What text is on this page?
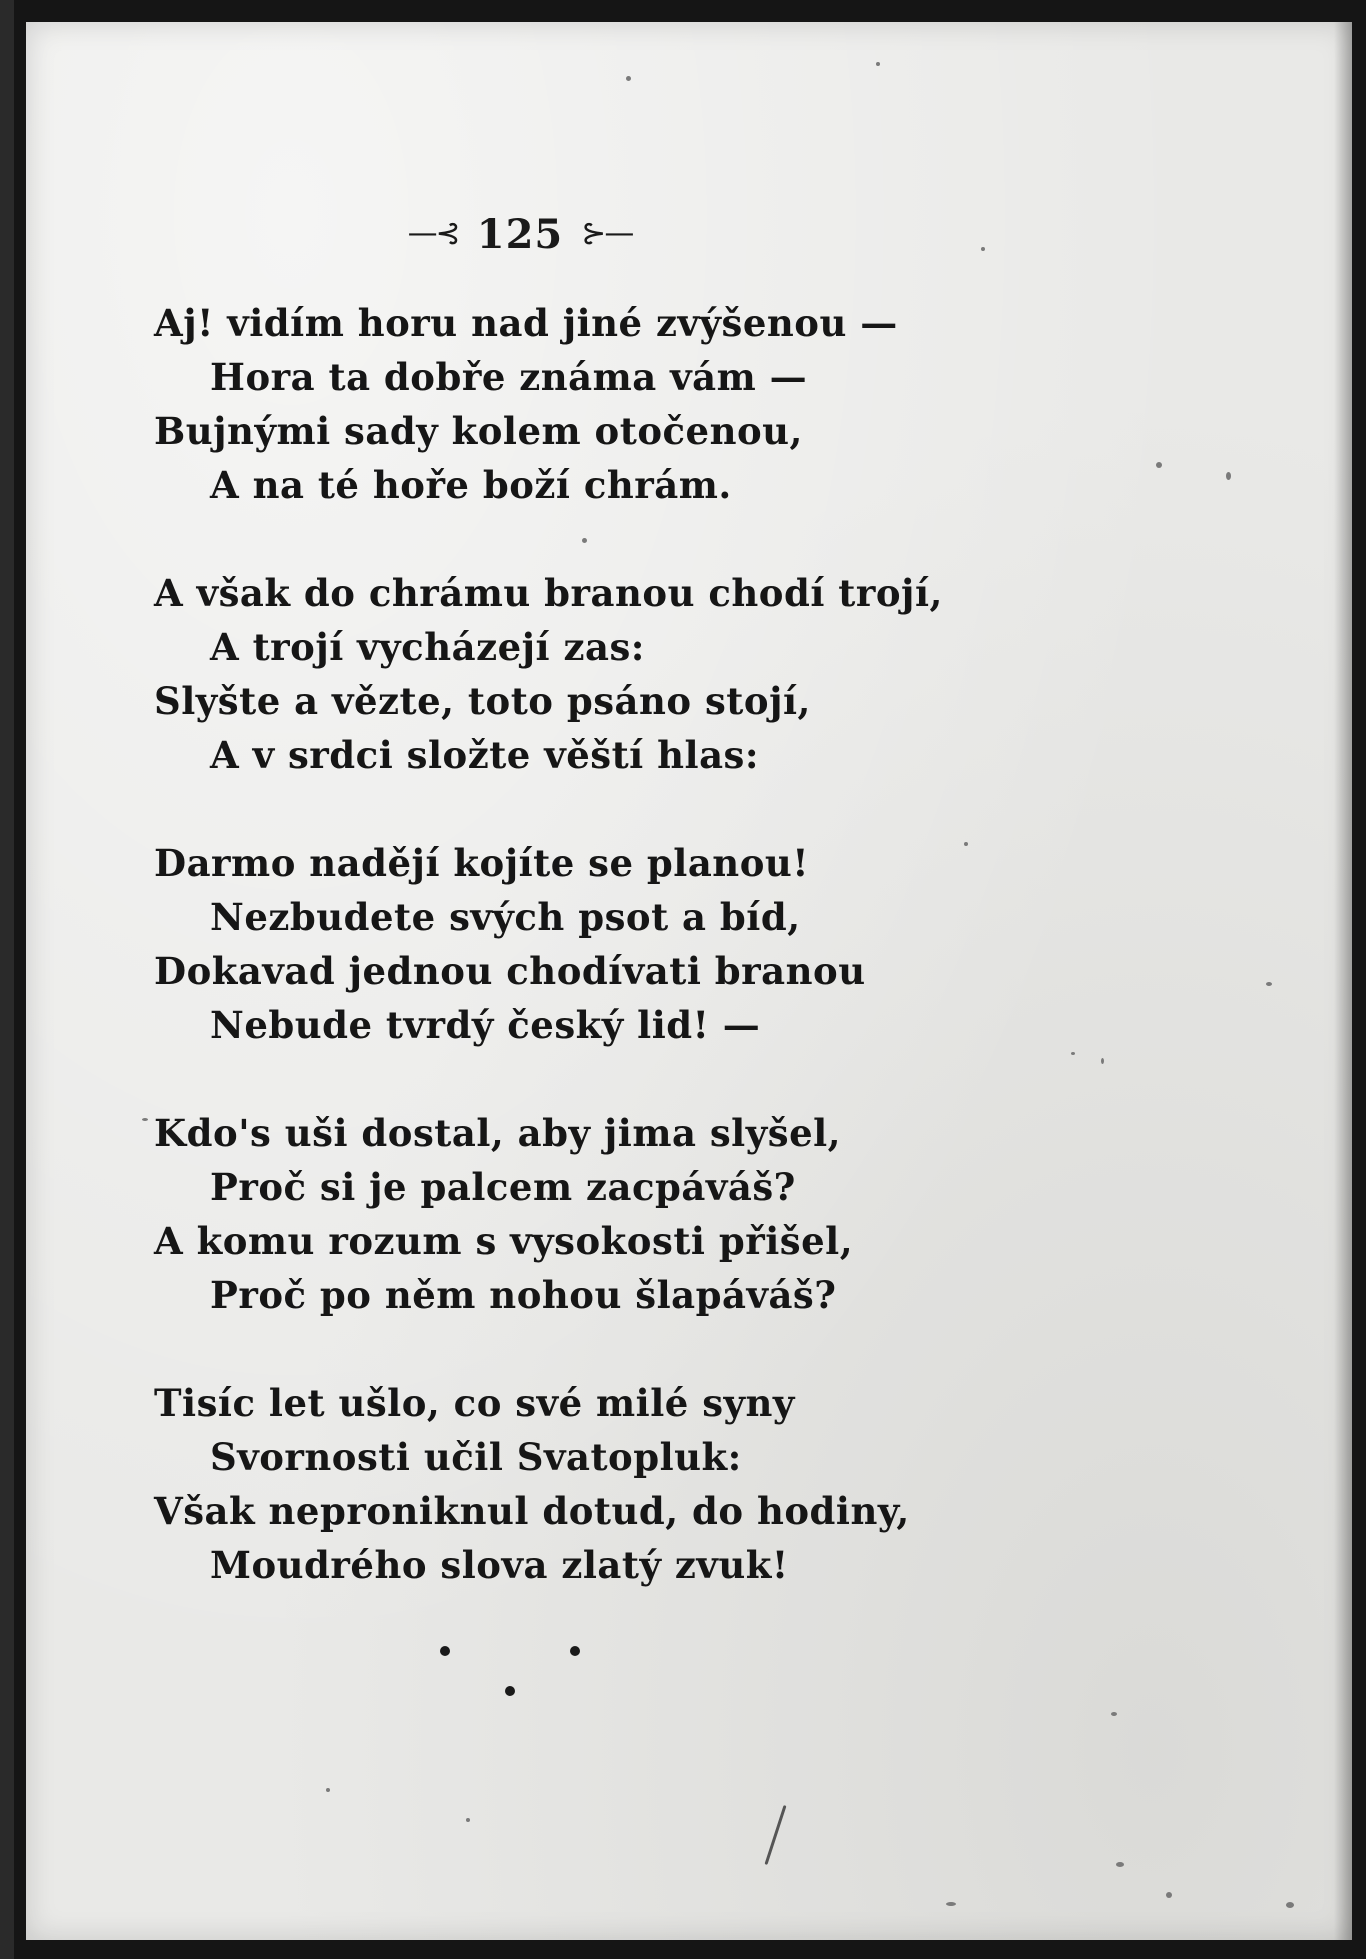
—⊰ 125 ⊱—
Aj! vidím horu nad jiné zvýšenou —
Hora ta dobře známa vám —
Bujnými sady kolem otočenou,
A na té hoře boží chrám.
A však do chrámu branou chodí trojí,
A trojí vycházejí zas:
Slyšte a vězte, toto psáno stojí,
A v srdci složte věští hlas:
Darmo nadějí kojíte se planou!
Nezbudete svých psot a bíd,
Dokavad jednou chodívati branou
Nebude tvrdý český lid! —
Kdo's uši dostal, aby jima slyšel,
Proč si je palcem zacpáváš?
A komu rozum s vysokosti přišel,
Proč po něm nohou šlapáváš?
Tisíc let ušlo, co své milé syny
Svornosti učil Svatopluk:
Však neproniknul dotud, do hodiny,
Moudrého slova zlatý zvuk!
